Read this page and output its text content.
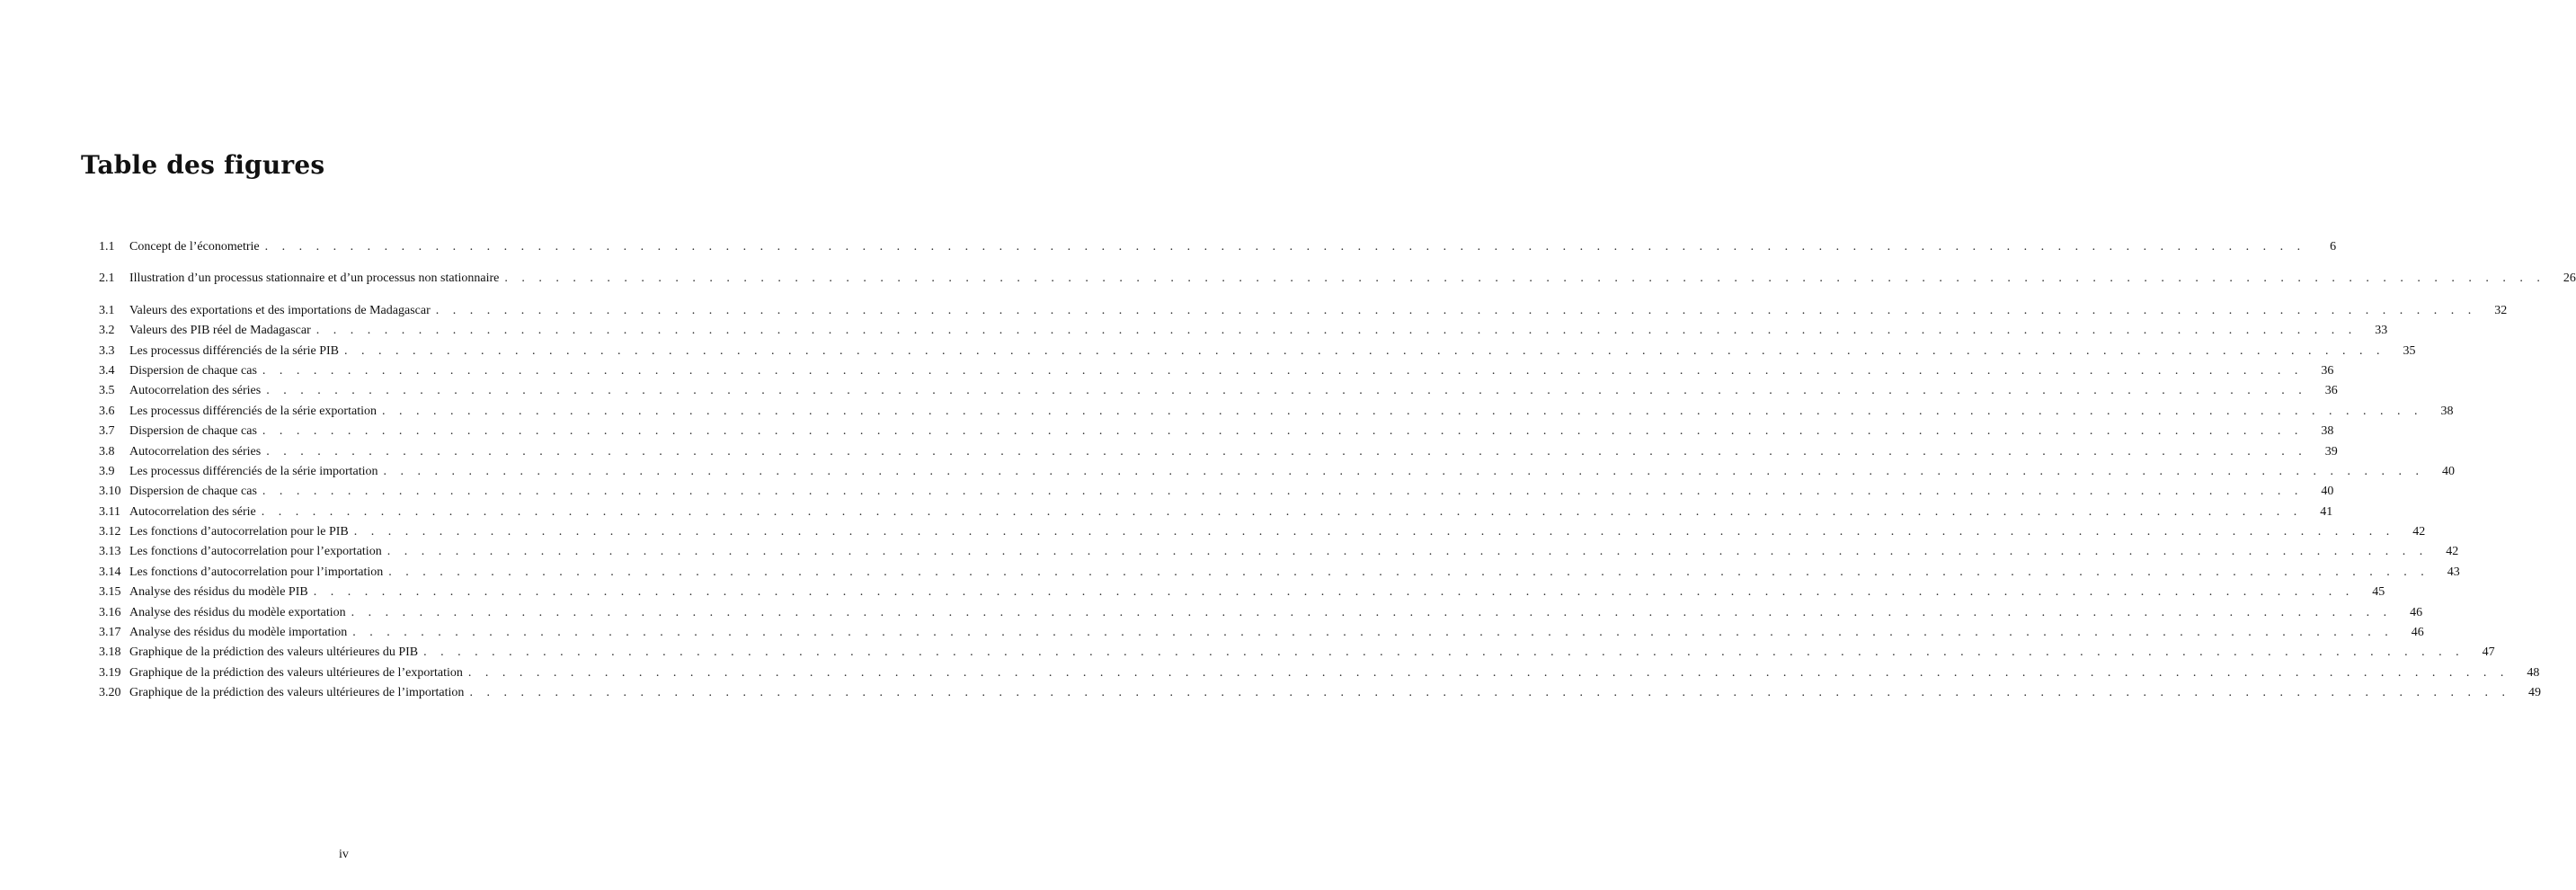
Table des figures
1.1	Concept de l’économetrie . . . . . . . . . . . . . . . . . . . . . . . . . . . . . . . . . . . . . . . . . . . . . . . . . . . . . . . . . . . . . . . . . . . . . . . . . . . . . . . . . . . . . . . . . . . . . . . . . . . . . . . . . . . . . . . . . . . . . . . .	6
2.1	Illustration d’un processus stationnaire et d’un processus non stationnaire . . . . . . . . . . . . . . . . . . . . . . . . . . . . . . . . . . . . . . . . . . . . . . . . . . . . . . . . . . . . . . . . . . . . . . . . . . . . . . . . . . . . . . . . . . . . . . . . . . . . . . . . . . . . . . . . . . . . . . . .	26
3.1	Valeurs des exportations et des importations de Madagascar . . . . . . . . . . . . . . . . . . . . . . . . . . . . . . . . . . . . . . . . . . . . . . . . . . . . . . . . . . . . . . . . . . . . . . . . . . . . . . . . . . . . . . . . . . . . . . . . . . . . . . . . . . . . . . . . . . . . . . . .	32
3.2	Valeurs des PIB réel de Madagascar . . . . . . . . . . . . . . . . . . . . . . . . . . . . . . . . . . . . . . . . . . . . . . . . . . . . . . . . . . . . . . . . . . . . . . . . . . . . . . . . . . . . . . . . . . . . . . . . . . . . . . . . . . . . . . . . . . . . . . . .	33
3.3	Les processus différenciés de la série PIB . . . . . . . . . . . . . . . . . . . . . . . . . . . . . . . . . . . . . . . . . . . . . . . . . . . . . . . . . . . . . . . . . . . . . . . . . . . . . . . . . . . . . . . . . . . . . . . . . . . . . . . . . . . . . . . . . . . . . . . .	35
3.4	Dispersion de chaque cas . . . . . . . . . . . . . . . . . . . . . . . . . . . . . . . . . . . . . . . . . . . . . . . . . . . . . . . . . . . . . . . . . . . . . . . . . . . . . . . . . . . . . . . . . . . . . . . . . . . . . . . . . . . . . . . . . . . . . . . .	36
3.5	Autocorrelation des séries . . . . . . . . . . . . . . . . . . . . . . . . . . . . . . . . . . . . . . . . . . . . . . . . . . . . . . . . . . . . . . . . . . . . . . . . . . . . . . . . . . . . . . . . . . . . . . . . . . . . . . . . . . . . . . . . . . . . . . . .	36
3.6	Les processus différenciés de la série exportation . . . . . . . . . . . . . . . . . . . . . . . . . . . . . . . . . . . . . . . . . . . . . . . . . . . . . . . . . . . . . . . . . . . . . . . . . . . . . . . . . . . . . . . . . . . . . . . . . . . . . . . . . . . . . . . . . . . . . . . .	38
3.7	Dispersion de chaque cas . . . . . . . . . . . . . . . . . . . . . . . . . . . . . . . . . . . . . . . . . . . . . . . . . . . . . . . . . . . . . . . . . . . . . . . . . . . . . . . . . . . . . . . . . . . . . . . . . . . . . . . . . . . . . . . . . . . . . . . .	38
3.8	Autocorrelation des séries . . . . . . . . . . . . . . . . . . . . . . . . . . . . . . . . . . . . . . . . . . . . . . . . . . . . . . . . . . . . . . . . . . . . . . . . . . . . . . . . . . . . . . . . . . . . . . . . . . . . . . . . . . . . . . . . . . . . . . . .	39
3.9	Les processus différenciés de la série importation . . . . . . . . . . . . . . . . . . . . . . . . . . . . . . . . . . . . . . . . . . . . . . . . . . . . . . . . . . . . . . . . . . . . . . . . . . . . . . . . . . . . . . . . . . . . . . . . . . . . . . . . . . . . . . . . . . . . . . . .	40
3.10 Dispersion de chaque cas . . . . . . . . . . . . . . . . . . . . . . . . . . . . . . . . . . . . . . . . . . . . . . . . . . . . . . . . . . . . . . . . . . . . . . . . . . . . . . . . . . . . . . . . . . . . . . . . . . . . . . . . . . . . . . . . . . . . . . . .	40
3.11 Autocorrelation des série . . . . . . . . . . . . . . . . . . . . . . . . . . . . . . . . . . . . . . . . . . . . . . . . . . . . . . . . . . . . . . . . . . . . . . . . . . . . . . . . . . . . . . . . . . . . . . . . . . . . . . . . . . . . . . . . . . . . . . . .	41
3.12 Les fonctions d’autocorrelation pour le PIB . . . . . . . . . . . . . . . . . . . . . . . . . . . . . . . . . . . . . . . . . . . . . . . . . . . . . . . . . . . . . . . . . . . . . . . . . . . . . . . . . . . . . . . . . . . . . . . . . . . . . . . . . . . . . . . . . . . . . . . .	42
3.13 Les fonctions d’autocorrelation pour l’exportation . . . . . . . . . . . . . . . . . . . . . . . . . . . . . . . . . . . . . . . . . . . . . . . . . . . . . . . . . . . . . . . . . . . . . . . . . . . . . . . . . . . . . . . . . . . . . . . . . . . . . . . . . . . . . . . . . . . . . . . .	42
3.14 Les fonctions d’autocorrelation pour l’importation . . . . . . . . . . . . . . . . . . . . . . . . . . . . . . . . . . . . . . . . . . . . . . . . . . . . . . . . . . . . . . . . . . . . . . . . . . . . . . . . . . . . . . . . . . . . . . . . . . . . . . . . . . . . . . . . . . . . . . . .	43
3.15 Analyse des résidus du modèle PIB . . . . . . . . . . . . . . . . . . . . . . . . . . . . . . . . . . . . . . . . . . . . . . . . . . . . . . . . . . . . . . . . . . . . . . . . . . . . . . . . . . . . . . . . . . . . . . . . . . . . . . . . . . . . . . . . . . . . . . . .	45
3.16 Analyse des résidus du modèle exportation . . . . . . . . . . . . . . . . . . . . . . . . . . . . . . . . . . . . . . . . . . . . . . . . . . . . . . . . . . . . . . . . . . . . . . . . . . . . . . . . . . . . . . . . . . . . . . . . . . . . . . . . . . . . . . . . . . . . . . . .	46
3.17 Analyse des résidus du modèle importation . . . . . . . . . . . . . . . . . . . . . . . . . . . . . . . . . . . . . . . . . . . . . . . . . . . . . . . . . . . . . . . . . . . . . . . . . . . . . . . . . . . . . . . . . . . . . . . . . . . . . . . . . . . . . . . . . . . . . . . .	46
3.18 Graphique de la prédiction des valeurs ultérieures du PIB . . . . . . . . . . . . . . . . . . . . . . . . . . . . . . . . . . . . . . . . . . . . . . . . . . . . . . . . . . . . . . . . . . . . . . . . . . . . . . . . . . . . . . . . . . . . . . . . . . . . . . . . . . . . . . . . . . . . . . . .	47
3.19 Graphique de la prédiction des valeurs ultérieures de l’exportation . . . . . . . . . . . . . . . . . . . . . . . . . . . . . . . . . . . . . . . . . . . . . . . . . . . . . . . . . . . . . . . . . . . . . . . . . . . . . . . . . . . . . . . . . . . . . . . . . . . . . . . . . . . . . . . . . . . . . . . .	48
3.20 Graphique de la prédiction des valeurs ultérieures de l’importation . . . . . . . . . . . . . . . . . . . . . . . . . . . . . . . . . . . . . . . . . . . . . . . . . . . . . . . . . . . . . . . . . . . . . . . . . . . . . . . . . . . . . . . . . . . . . . . . . . . . . . . . . . . . . . . . . . . . . . . .	49
iv
